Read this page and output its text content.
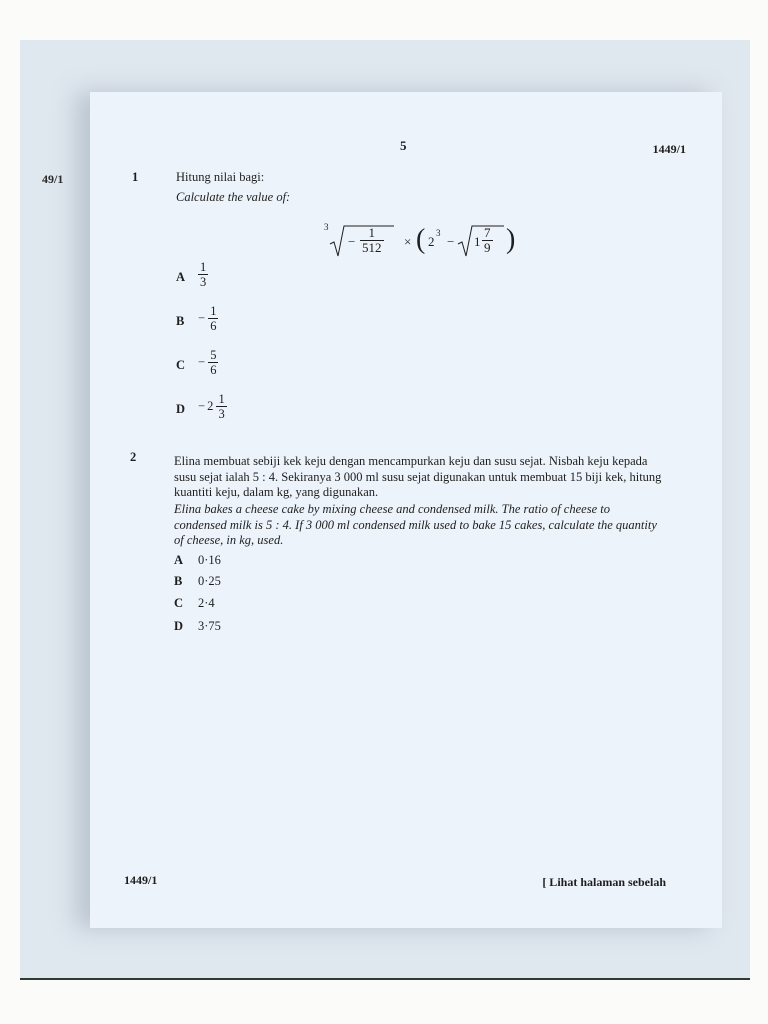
49/1
5	1449/1
1	Hitung nilai bagi:
Calculate the value of:
3
− $\frac{1}{512}$ × ( 2
3
− $1 \frac{7}{9}$ )
A $\frac{1}{3}$
$B - \frac{1}{6}$
$C - \frac{5}{6}$
$D - 2 \frac{1}{3}$
2	Elina membuat sebiji kek keju dengan mencampurkan keju dan susu sejat. Nisbah keju kepada
susu sejat ialah 5 : 4. Sekiranya 3 000 ml susu sejat digunakan untuk membuat 15 biji kek, hitung
kuantiti keju, dalam kg, yang digunakan.
Elina bakes a cheese cake by mixing cheese and condensed milk. The ratio of cheese to
condensed milk is 5 : 4. If 3 000 ml condensed milk used to bake 15 cakes, calculate the quantity
of cheese, in kg, used.
A 0·16
B 0·25
C 2·4
D 3·75
1449/1	[ Lihat halaman sebelah
